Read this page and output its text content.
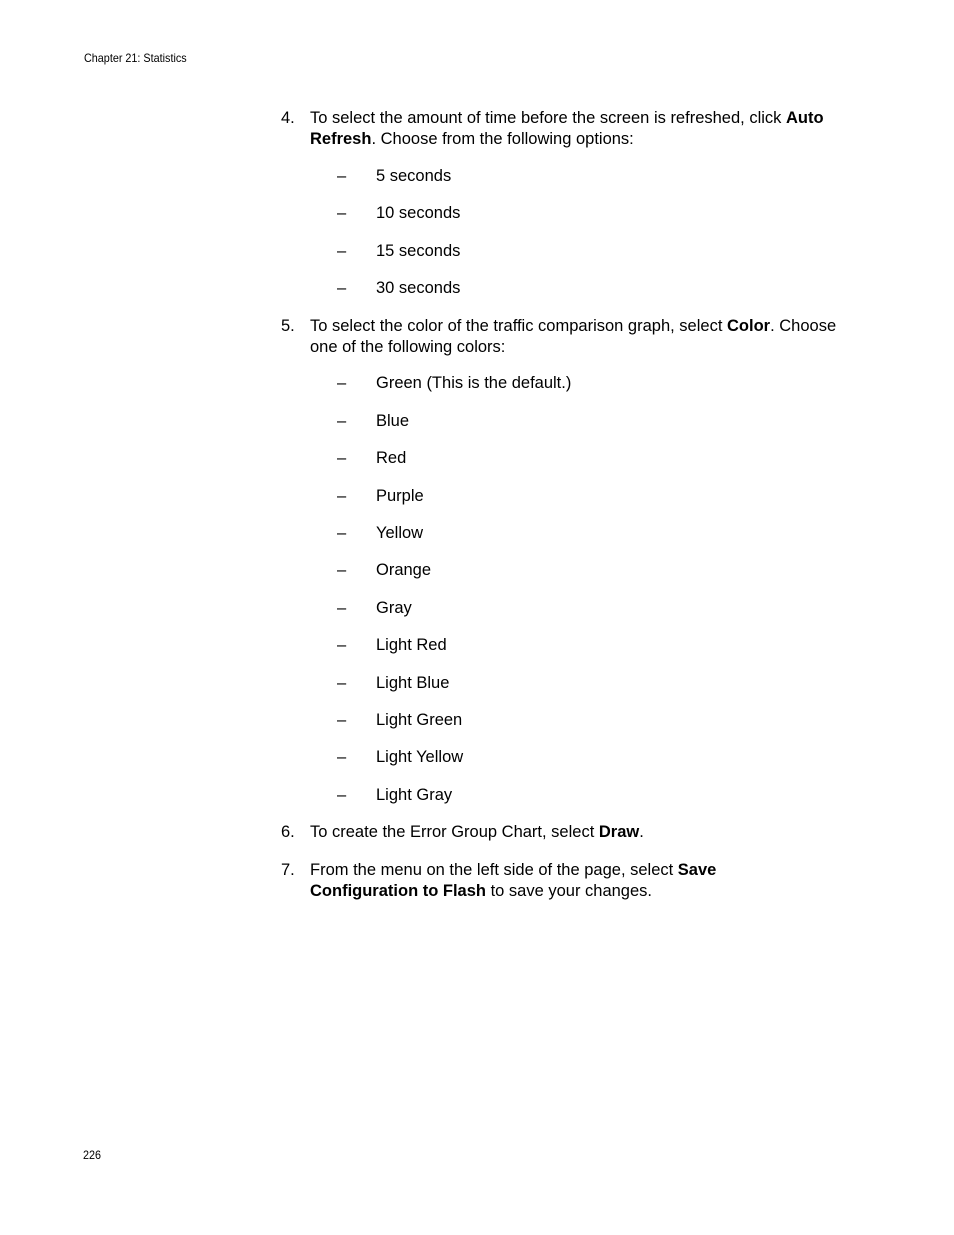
Chapter 21: Statistics
4. To select the amount of time before the screen is refreshed, click Auto Refresh. Choose from the following options:
– 5 seconds
– 10 seconds
– 15 seconds
– 30 seconds
5. To select the color of the traffic comparison graph, select Color. Choose one of the following colors:
– Green (This is the default.)
– Blue
– Red
– Purple
– Yellow
– Orange
– Gray
– Light Red
– Light Blue
– Light Green
– Light Yellow
– Light Gray
6. To create the Error Group Chart, select Draw.
7. From the menu on the left side of the page, select Save Configuration to Flash to save your changes.
226
